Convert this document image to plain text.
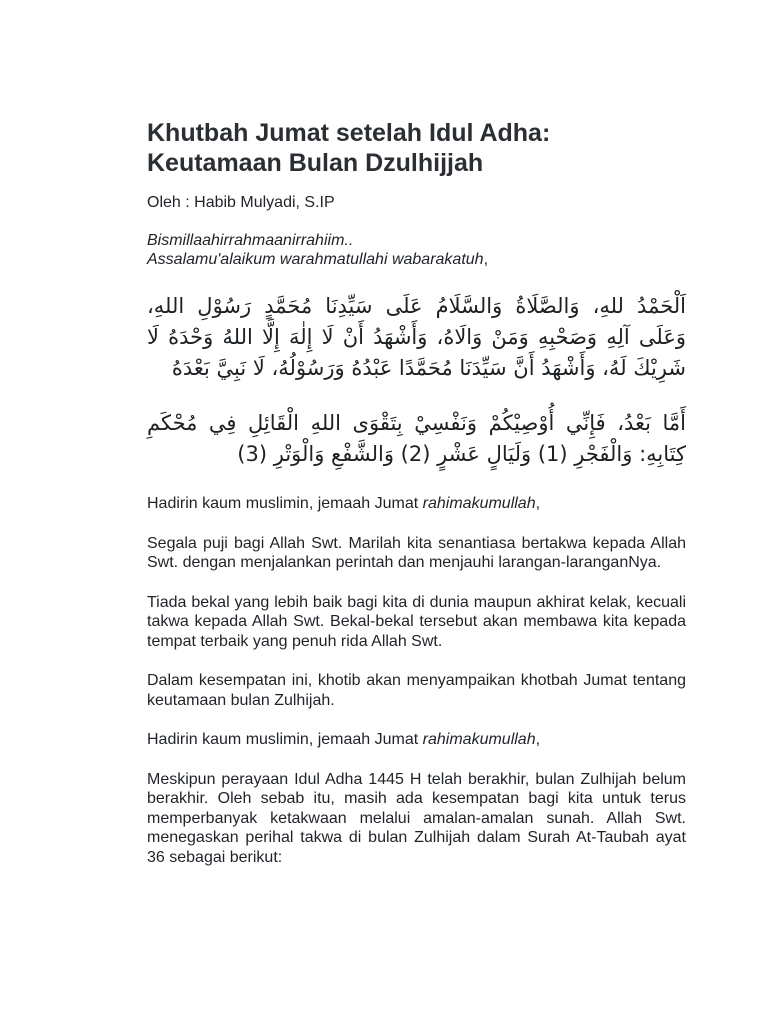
Khutbah Jumat setelah Idul Adha:
Keutamaan Bulan Dzulhijjah
Oleh : Habib Mulyadi, S.IP
Bismillaahirrahmaanirrahiim..
Assalamu'alaikum warahmatullahi wabarakatuh,

اَلْحَمْدُ للهِ، وَالصَّلَاةُ وَالسَّلَامُ عَلَى سَيِّدِنَا مُحَمَّدٍ رَسُوْلِ اللهِ، وَعَلَى آلِهِ وَصَحْبِهِ وَمَنْ وَالَاهُ، وَأَشْهَدُ أَنْ لَا إِلٰهَ إِلَّا اللهُ وَحْدَهُ لَا شَرِيْكَ لَهُ، وَأَشْهَدُ أَنَّ سَيِّدَنَا مُحَمَّدًا عَبْدُهُ وَرَسُوْلُهُ، لَا نَبِيَّ بَعْدَهُ

أَمَّا بَعْدُ، فَإِنِّي أُوْصِيْكُمْ وَنَفْسِيْ بِتَقْوَى اللهِ الْقَائِلِ فِي مُحْكَمِ كِتَابِهِ: وَالْفَجْرِ (1) وَلَيَالٍ عَشْرٍ (2) وَالشَّفْعِ وَالْوَتْرِ (3)

Hadirin kaum muslimin, jemaah Jumat rahimakumullah,

Segala puji bagi Allah Swt. Marilah kita senantiasa bertakwa kepada Allah Swt. dengan menjalankan perintah dan menjauhi larangan-laranganNya.

Tiada bekal yang lebih baik bagi kita di dunia maupun akhirat kelak, kecuali takwa kepada Allah Swt. Bekal-bekal tersebut akan membawa kita kepada tempat terbaik yang penuh rida Allah Swt.

Dalam kesempatan ini, khotib akan menyampaikan khotbah Jumat tentang keutamaan bulan Zulhijah.

Hadirin kaum muslimin, jemaah Jumat rahimakumullah,

Meskipun perayaan Idul Adha 1445 H telah berakhir, bulan Zulhijah belum berakhir. Oleh sebab itu, masih ada kesempatan bagi kita untuk terus memperbanyak ketakwaan melalui amalan-amalan sunah. Allah Swt. menegaskan perihal takwa di bulan Zulhijah dalam Surah At-Taubah ayat 36 sebagai berikut:
